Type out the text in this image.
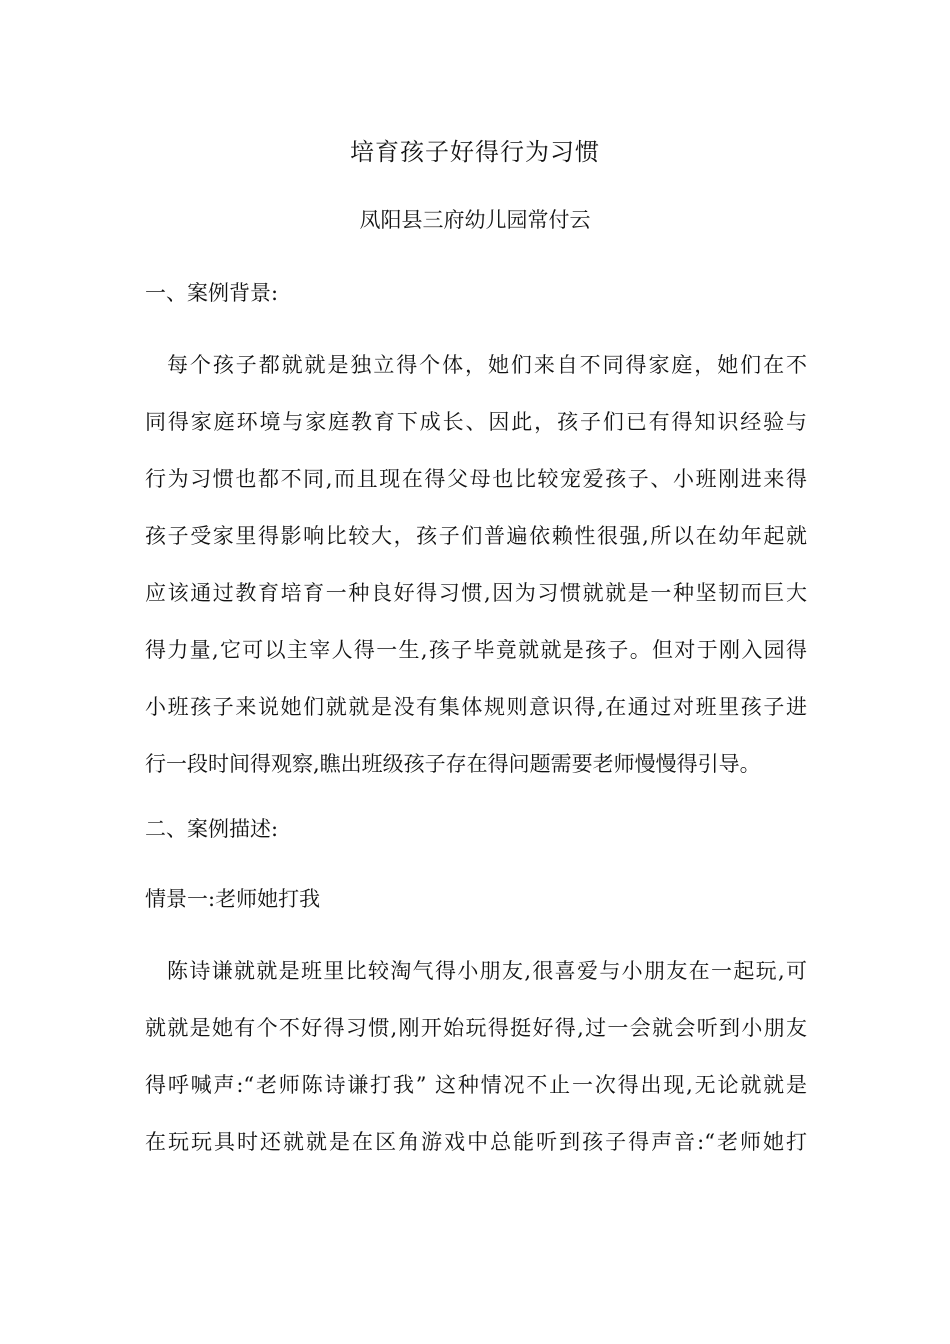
培育孩子好得行为习惯
凤阳县三府幼儿园常付云
一、案例背景:
每个孩子都就就是独立得个体，她们来自不同得家庭，她们在不
同得家庭环境与家庭教育下成长、因此，孩子们已有得知识经验与
行为习惯也都不同,而且现在得父母也比较宠爱孩子、小班刚进来得
孩子受家里得影响比较大，孩子们普遍依赖性很强,所以在幼年起就
应该通过教育培育一种良好得习惯,因为习惯就就是一种坚韧而巨大
得力量,它可以主宰人得一生,孩子毕竟就就是孩子。但对于刚入园得
小班孩子来说她们就就是没有集体规则意识得,在通过对班里孩子进
行一段时间得观察,瞧出班级孩子存在得问题需要老师慢慢得引导。
二、案例描述:
情景一:老师她打我
陈诗谦就就是班里比较淘气得小朋友,很喜爱与小朋友在一起玩,可
就就是她有个不好得习惯,刚开始玩得挺好得,过一会就会听到小朋友
得呼喊声:“老师陈诗谦打我” 这种情况不止一次得出现,无论就就是
在玩玩具时还就就是在区角游戏中总能听到孩子得声音:“老师她打
